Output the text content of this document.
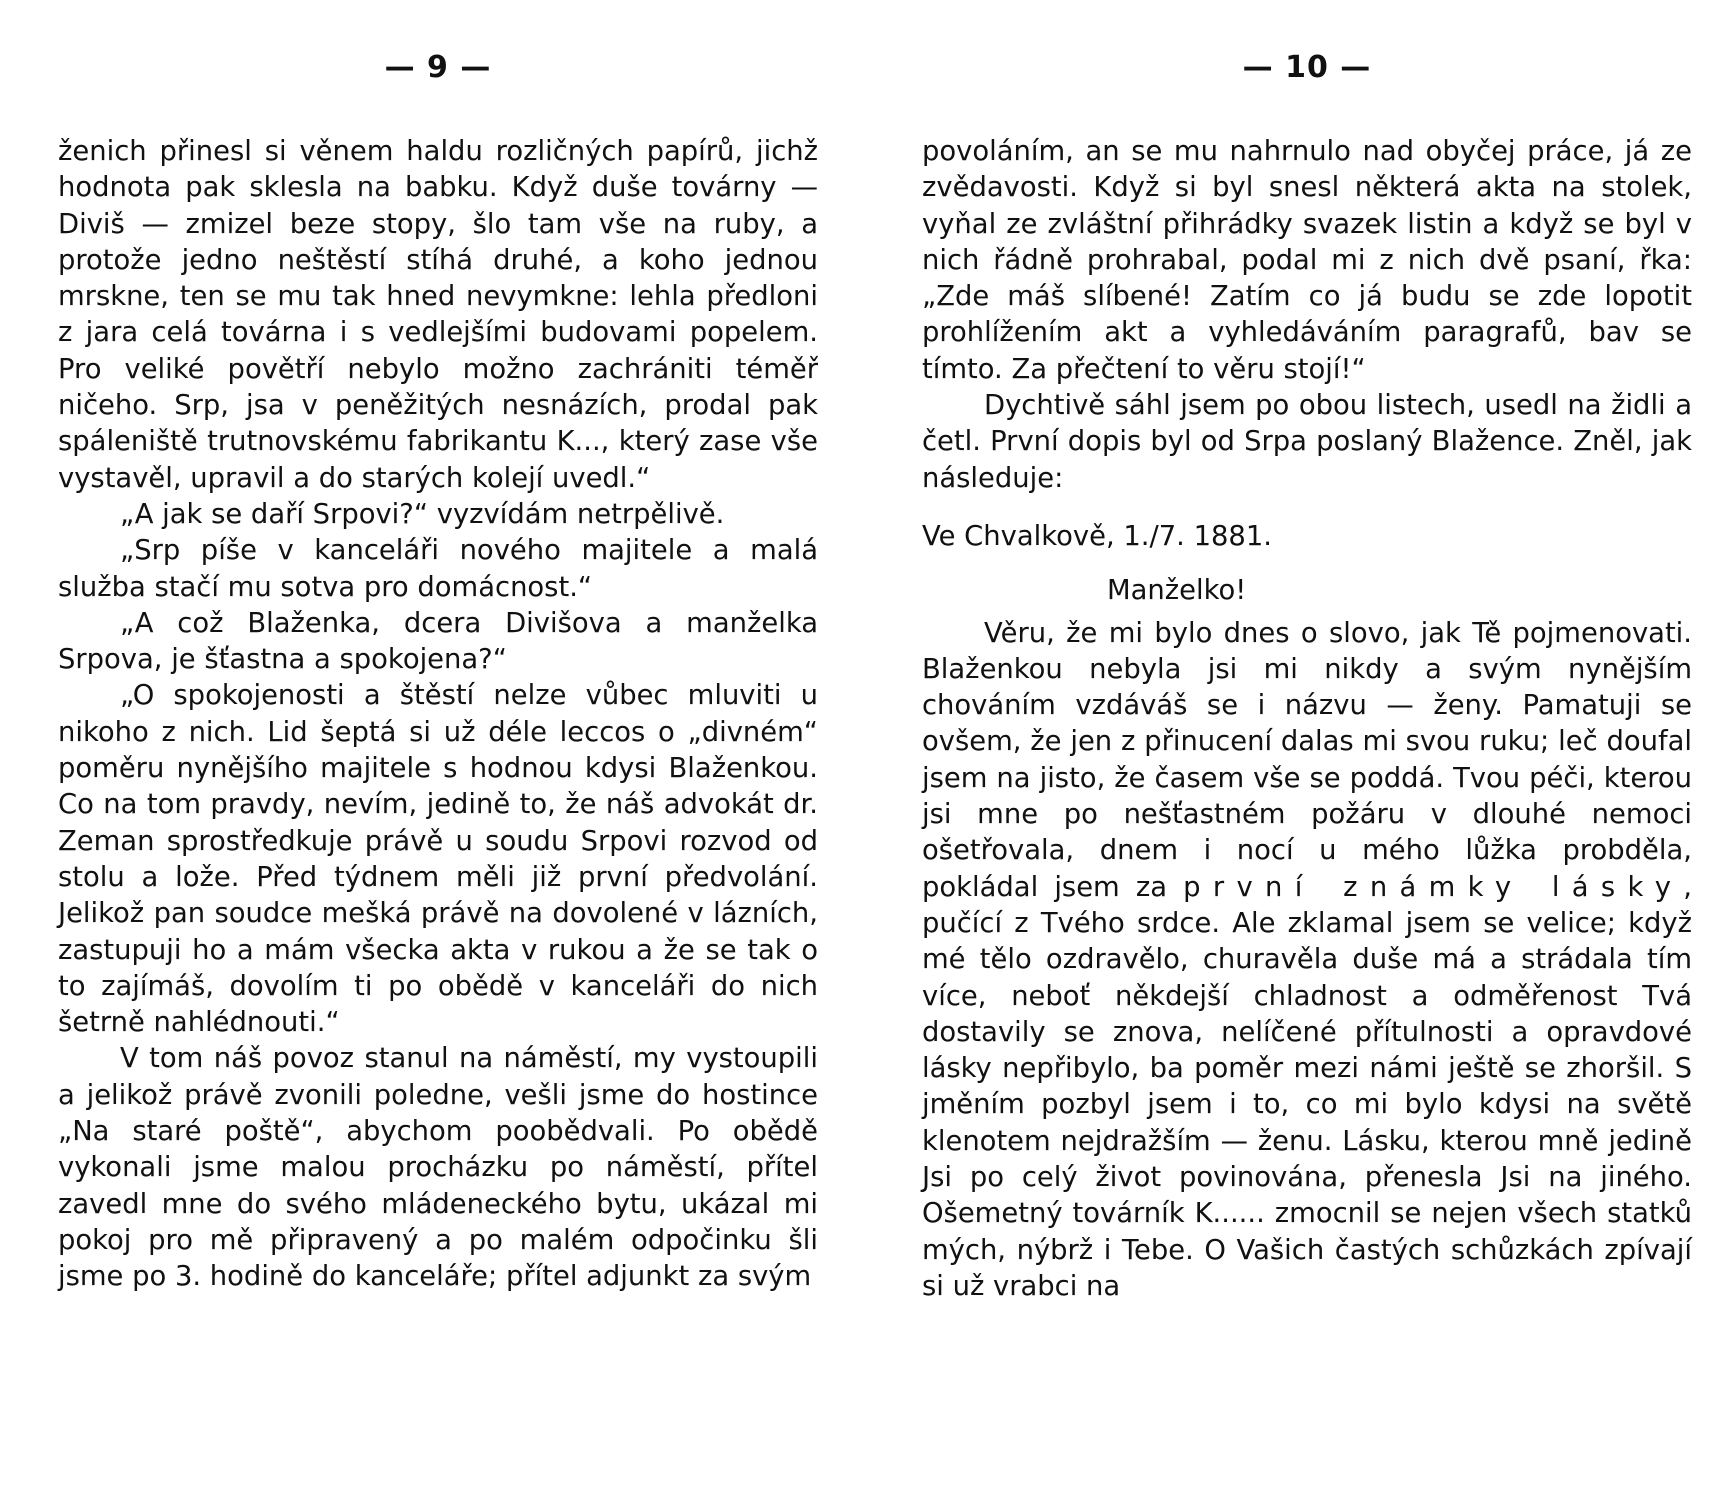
— 9 —

ženich přinesl si věnem haldu rozličných papírů, jichž hodnota pak sklesla na babku. Když duše továrny — Diviš — zmizel beze stopy, šlo tam vše na ruby, a protože jedno neštěstí stíhá druhé, a koho jednou mrskne, ten se mu tak hned nevymkne: lehla předloni z jara celá továrna i s vedlejšími budovami popelem. Pro veliké povětří nebylo možno zachrániti téměř ničeho. Srp, jsa v peněžitých nesnázích, prodal pak spáleniště trutnovskému fabrikantu K..., který zase vše vystavěl, upravil a do starých kolejí uvedl.“

„A jak se daří Srpovi?“ vyzvídám netrpělivě.

„Srp píše v kanceláři nového majitele a malá služba stačí mu sotva pro domácnost.“

„A což Blaženka, dcera Divišova a manželka Srpova, je šťastna a spokojena?“

„O spokojenosti a štěstí nelze vůbec mluviti u nikoho z nich. Lid šeptá si už déle leccos o „divném“ poměru nynějšího majitele s hodnou kdysi Blaženkou. Co na tom pravdy, nevím, jedině to, že náš advokát dr. Zeman sprostředkuje právě u soudu Srpovi rozvod od stolu a lože. Před týdnem měli již první předvolání. Jelikož pan soudce mešká právě na dovolené v lázních, zastupuji ho a mám všecka akta v rukou a že se tak o to zajímáš, dovolím ti po obědě v kanceláři do nich šetrně nahlédnouti.“

V tom náš povoz stanul na náměstí, my vystoupili a jelikož právě zvonili poledne, vešli jsme do hostince „Na staré poště“, abychom poobědvali. Po obědě vykonali jsme malou procházku po náměstí, přítel zavedl mne do svého mládeneckého bytu, ukázal mi pokoj pro mě připravený a po malém odpočinku šli jsme po 3. hodině do kanceláře; přítel adjunkt za svým

— 10 —

povoláním, an se mu nahrnulo nad obyčej práce, já ze zvědavosti. Když si byl snesl některá akta na stolek, vyňal ze zvláštní přihrádky svazek listin a když se byl v nich řádně prohrabal, podal mi z nich dvě psaní, řka: „Zde máš slíbené! Zatím co já budu se zde lopotit prohlížením akt a vyhledáváním paragrafů, bav se tímto. Za přečtení to věru stojí!“

Dychtivě sáhl jsem po obou listech, usedl na židli a četl. První dopis byl od Srpa poslaný Blažence. Zněl, jak následuje:

Ve Chvalkově, 1./7. 1881.

Manželko!

Věru, že mi bylo dnes o slovo, jak Tě pojmenovati. Blaženkou nebyla jsi mi nikdy a svým nynějším chováním vzdáváš se i názvu — ženy. Pamatuji se ovšem, že jen z přinucení dalas mi svou ruku; leč doufal jsem na jisto, že časem vše se poddá. Tvou péči, kterou jsi mne po nešťastném požáru v dlouhé nemoci ošetřovala, dnem i nocí u mého lůžka probděla, pokládal jsem za první známky lásky, pučící z Tvého srdce. Ale zklamal jsem se velice; když mé tělo ozdravělo, churavěla duše má a strádala tím více, neboť někdejší chladnost a odměřenost Tvá dostavily se znova, nelíčené přítulnosti a opravdové lásky nepřibylo, ba poměr mezi námi ještě se zhoršil. S jměním pozbyl jsem i to, co mi bylo kdysi na světě klenotem nejdražším — ženu. Lásku, kterou mně jedině Jsi po celý život povinována, přenesla Jsi na jiného. Ošemetný továrník K...... zmocnil se nejen všech statků mých, nýbrž i Tebe. O Vašich častých schůzkách zpívají si už vrabci na
